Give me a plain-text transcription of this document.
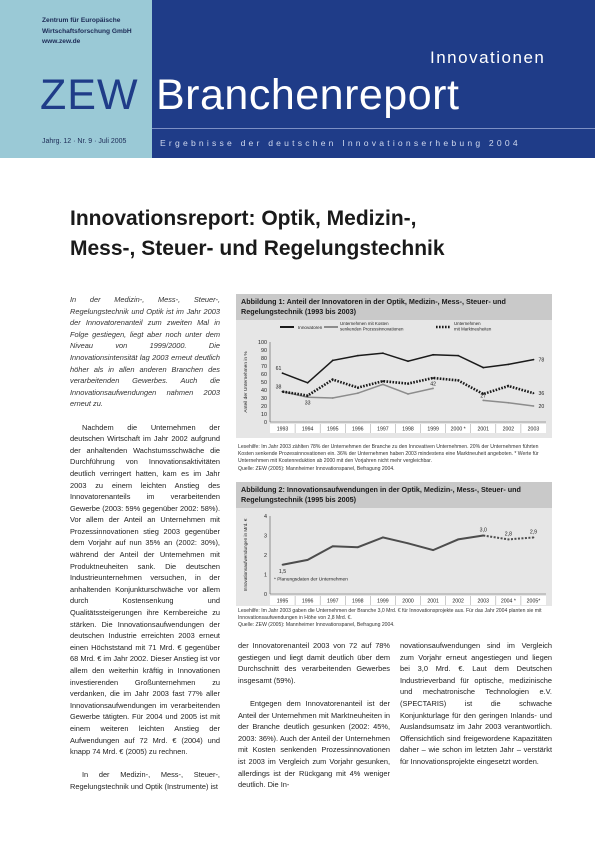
Zentrum für Europäische
Wirtschaftsforschung GmbH
www.zew.de
ZEW Branchenreport
Innovationen
Jahrg. 12 · Nr. 9 · Juli 2005	Ergebnisse der deutschen Innovationserhebung 2004
Innovationsreport: Optik, Medizin-,
Mess-, Steuer- und Regelungstechnik

In der Medizin-, Mess-, Steuer-, Regelungstechnik und Optik ist im Jahr 2003 der Innovatorenanteil zum zweiten Mal in Folge gestiegen, liegt aber noch unter dem Niveau von 1999/2000. Die Innovationsintensität lag 2003 erneut deutlich höher als in allen anderen Branchen des verarbeitenden Gewerbes. Auch die Innovationsaufwendungen nahmen 2003 erneut zu.

Nachdem die Unternehmen der deutschen Wirtschaft im Jahr 2002 aufgrund der anhaltenden Wachstumsschwäche die Durchführung von Innovationsaktivitäten deutlich verringert hatten, kam es im Jahr 2003 zu einem leichten Anstieg des Innovatorenanteils im verarbeitenden Gewerbe (2003: 59% gegenüber 2002: 58%). Vor allem der Anteil an Unternehmen mit Prozessinnovationen stieg 2003 gegenüber dem Vorjahr auf nun 35% an (2002: 30%), während der Anteil der Unternehmen mit Produktneuheiten sank. Die deutschen Industrieunternehmen versuchen, in der anhaltenden Konjunkturschwäche vor allem durch Kostensenkung und Qualitätssteigerungen ihre Kernbereiche zu stärken. Die Innovationsaufwendungen der deutschen Industrie erreichten 2003 erneut einen Höchststand mit 71 Mrd. € gegenüber 68 Mrd. € im Jahr 2002. Dieser Anstieg ist vor allem den weiterhin kräftig in Innovationen investierenden Großunternehmen zu verdanken, die im Jahr 2003 fast 77% aller Innovationsaufwendungen im verarbeitenden Gewerbe tätigten. Für 2004 und 2005 ist mit einem weiteren leichten Anstieg der Aufwendungen auf 72 Mrd. € (2004) und knapp 74 Mrd. € (2005) zu rechnen.

In der Medizin-, Mess-, Steuer-, Regelungstechnik und Optik (Instrumente) ist

Abbildung 1: Anteil der Innovatoren in der Optik, Medizin-, Mess-, Steuer- und Regelungstechnik (1993 bis 2003)
Innovatoren
Unternehmen mit Kosten
senkenden Prozessinnovationen
Unternehmen
mit Marktneuheiten
0
10
20
30
40
50
60
70
80
90
100
1993	1994	1995	1996	1997	1998	1999 2000 * 2001	2002	2003
Anteil der Unternehmen in %	61
38
33
42
27
78
36
20
Lesehilfe: Im Jahr 2003 zählten 78% der Unternehmen der Branche zu den Innovativen Unternehmen. 20% der Unternehmen führten Kosten senkende Prozessinnovationen ein. 36% der Unternehmen haben 2003 mindestens eine Marktneuheit angeboten. * Werte für Unternehmen mit Kostenreduktion ab 2000 mit den Vorjahren nicht mehr vergleichbar.
Quelle: ZEW (2005): Mannheimer Innovationspanel, Befragung 2004.
Abbildung 2: Innovationsaufwendungen in der Optik, Medizin-, Mess-, Steuer- und Regelungstechnik (1995 bis 2005)
0
1
2
3
4
1995	1996	1997	1998	1999	2000	2001	2002	2003 2004 * 2005*
Innovationsaufwendungen in Mrd. €	1,5
3,0
2,8	2,9
* Planungsdaten der Unternehmen
Lesehilfe: Im Jahr 2003 gaben die Unternehmen der Branche 3,0 Mrd. € für Innovationsprojekte aus. Für das Jahr 2004 planten sie mit Innovationsaufwendungen in Höhe von 2,8 Mrd. €.
Quelle: ZEW (2005): Mannheimer Innovationspanel, Befragung 2004.

der Innovatorenanteil 2003 von 72 auf 78% gestiegen und liegt damit deutlich über dem Durchschnitt des verarbeitenden Gewerbes insgesamt (59%).

Entgegen dem Innovatorenanteil ist der Anteil der Unternehmen mit Marktneuheiten in der Branche deutlich gesunken (2002: 45%, 2003: 36%). Auch der Anteil der Unternehmen mit Kosten senkenden Prozessinnovationen ist 2003 im Vergleich zum Vorjahr gesunken, allerdings ist der Rückgang mit 4% weniger deutlich. Die In-

novationsaufwendungen sind im Vergleich zum Vorjahr erneut angestiegen und liegen bei 3,0 Mrd. €. Laut dem Deutschen Industrieverband für optische, medizinische und mechatronische Technologien e.V. (SPECTARIS) ist die schwache Konjunkturlage für den geringen Inlands- und Auslandsumsatz im Jahr 2003 verantwortlich. Offensichtlich sind freigewordene Kapazitäten daher – wie schon im letzten Jahr – verstärkt für Innovationsprojekte eingesetzt worden.
